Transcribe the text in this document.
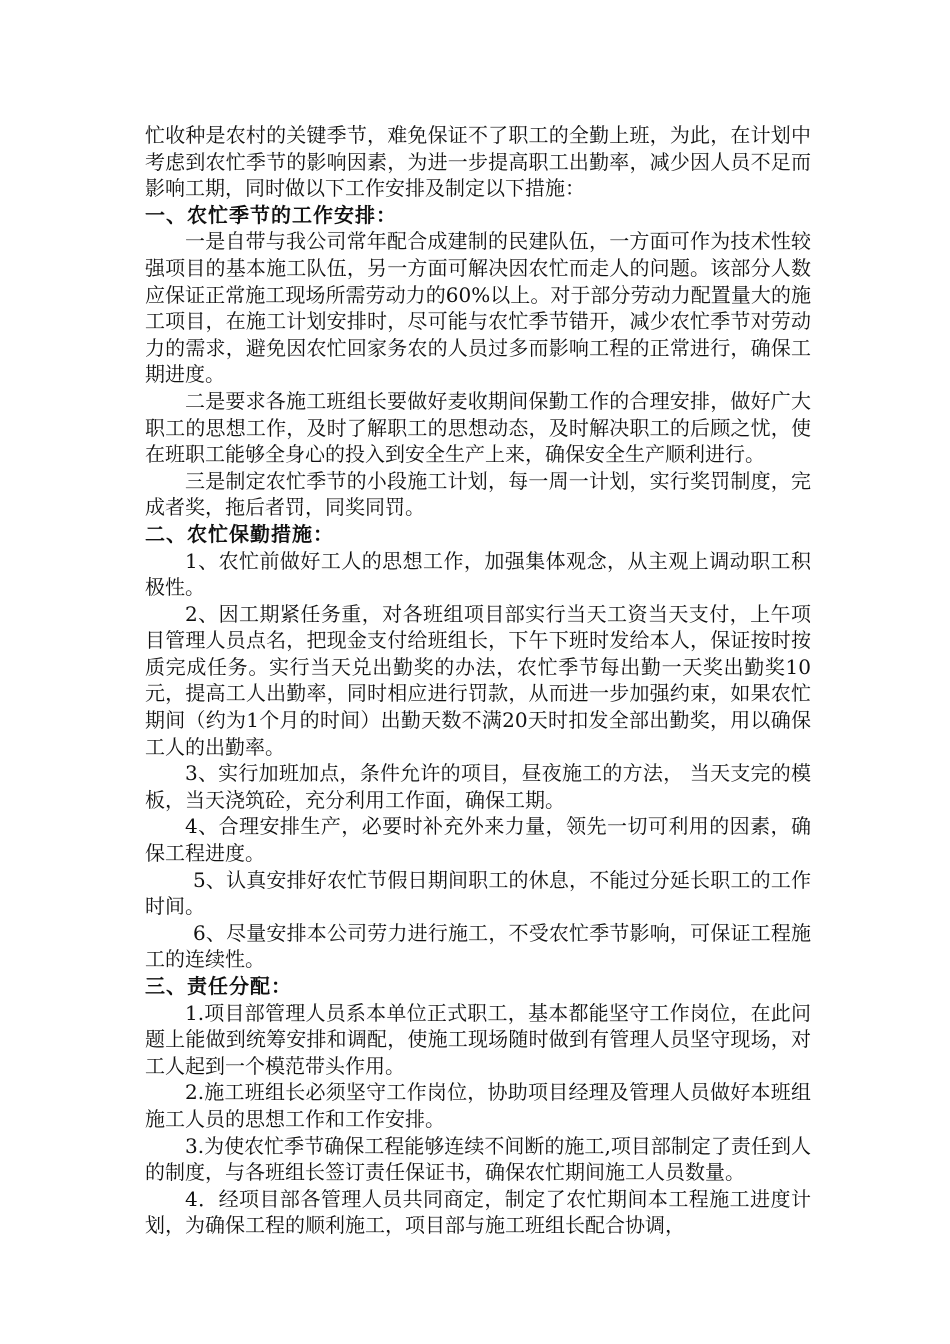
忙收种是农村的关键季节，难免保证不了职工的全勤上班，为此，在计划中考虑到农忙季节的影响因素，为进一步提高职工出勤率，减少因人员不足而影响工期，同时做以下工作安排及制定以下措施：

一、农忙季节的工作安排：

一是自带与我公司常年配合成建制的民建队伍，一方面可作为技术性较强项目的基本施工队伍，另一方面可解决因农忙而走人的问题。该部分人数应保证正常施工现场所需劳动力的60%以上。对于部分劳动力配置量大的施工项目，在施工计划安排时，尽可能与农忙季节错开，减少农忙季节对劳动力的需求，避免因农忙回家务农的人员过多而影响工程的正常进行，确保工期进度。

二是要求各施工班组长要做好麦收期间保勤工作的合理安排，做好广大职工的思想工作，及时了解职工的思想动态，及时解决职工的后顾之忧，使在班职工能够全身心的投入到安全生产上来，确保安全生产顺利进行。

三是制定农忙季节的小段施工计划，每一周一计划，实行奖罚制度，完成者奖，拖后者罚，同奖同罚。

二、农忙保勤措施：

1、农忙前做好工人的思想工作，加强集体观念，从主观上调动职工积极性。

2、因工期紧任务重，对各班组项目部实行当天工资当天支付，上午项目管理人员点名，把现金支付给班组长，下午下班时发给本人，保证按时按质完成任务。实行当天兑出勤奖的办法，农忙季节每出勤一天奖出勤奖10元，提高工人出勤率，同时相应进行罚款，从而进一步加强约束，如果农忙期间（约为1个月的时间）出勤天数不满20天时扣发全部出勤奖，用以确保工人的出勤率。

3、实行加班加点，条件允许的项目，昼夜施工的方法， 当天支完的模板，当天浇筑砼，充分利用工作面，确保工期。

4、合理安排生产，必要时补充外来力量，领先一切可利用的因素，确保工程进度。

5、认真安排好农忙节假日期间职工的休息，不能过分延长职工的工作时间。

6、尽量安排本公司劳力进行施工，不受农忙季节影响，可保证工程施工的连续性。

三、责任分配：

1.项目部管理人员系本单位正式职工，基本都能坚守工作岗位，在此问题上能做到统筹安排和调配，使施工现场随时做到有管理人员坚守现场，对工人起到一个模范带头作用。

2.施工班组长必须坚守工作岗位，协助项目经理及管理人员做好本班组施工人员的思想工作和工作安排。

3.为使农忙季节确保工程能够连续不间断的施工,项目部制定了责任到人的制度，与各班组长签订责任保证书，确保农忙期间施工人员数量。

4．经项目部各管理人员共同商定，制定了农忙期间本工程施工进度计划，为确保工程的顺利施工，项目部与施工班组长配合协调，
